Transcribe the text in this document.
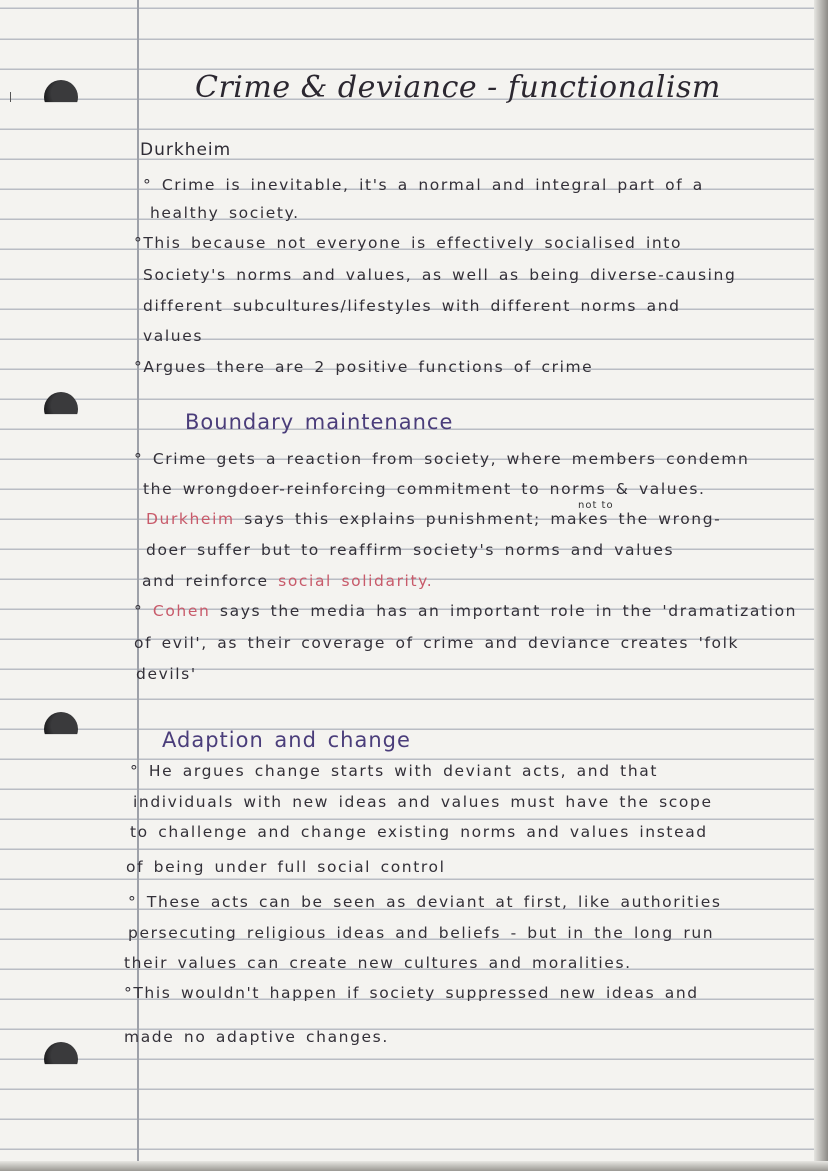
Crime & deviance - functionalism
not to
Durkheim
° Crime is inevitable, it's a normal and integral part of a
healthy society.
°This because not everyone is effectively socialised into
Society's norms and values, as well as being diverse-causing
different subcultures/lifestyles with different norms and
values
°Argues there are 2 positive functions of crime
Boundary maintenance
° Crime gets a reaction from society, where members condemn
the wrongdoer-reinforcing commitment to norms & values.
Durkheim says this explains punishment; makes the wrong-
doer suffer but to reaffirm society's norms and values
and reinforce social solidarity.
° Cohen says the media has an important role in the 'dramatization
of evil', as their coverage of crime and deviance creates 'folk
devils'
Adaption and change
° He argues change starts with deviant acts, and that
individuals with new ideas and values must have the scope
to challenge and change existing norms and values instead
of being under full social control
° These acts can be seen as deviant at first, like authorities
persecuting religious ideas and beliefs - but in the long run
their values can create new cultures and moralities.
°This wouldn't happen if society suppressed new ideas and
made no adaptive changes.
